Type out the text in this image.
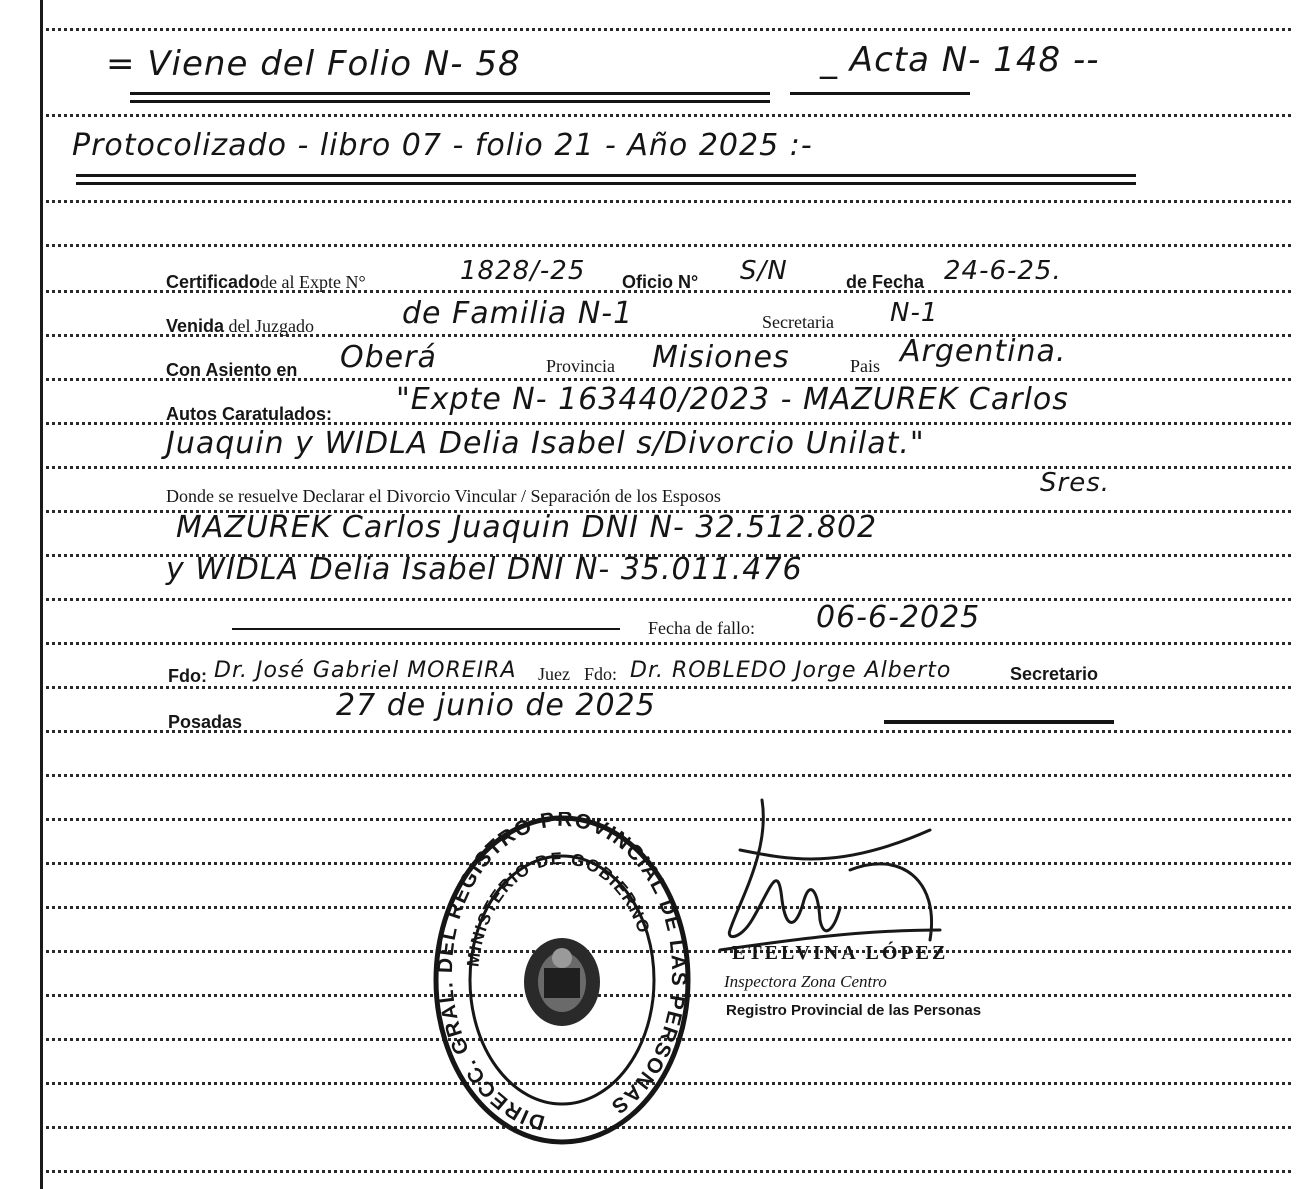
= Viene del Folio N- 58	_ Acta N- 148 --
Protocolizado - libro 07 - folio 21 - Año 2025 :-
Certificadode al Expte N°	1828/-25 Oficio N° S/N	de Fecha 24-6-25.
Venida del Juzgado	de Familia N-1	Secretaria N-1
Con Asiento en Oberá	Provincia Misiones	Pais Argentina.
Autos Caratulados: "Expte N- 163440/2023 - MAZUREK Carlos
Juaquin y WIDLA Delia Isabel s/Divorcio Unilat."
Donde se resuelve Declarar el Divorcio Vincular / Separación de los Esposos	Sres.
MAZUREK Carlos Juaquin DNI N- 32.512.802
y WIDLA Delia Isabel DNI N- 35.011.476
Fecha de fallo: 06-6-2025
Fdo: Dr. José Gabriel MOREIRA Juez Fdo: Dr. ROBLEDO Jorge Alberto	Secretario
Posadas	27 de junio de 2025
DIRECC. GRAL. DEL REGISTRO PROVINCIAL DE LAS PERSONAS
MINISTERIO DE GOBIERNO
ETELVINA LÓPEZ
Inspectora Zona Centro
Registro Provincial de las Personas
